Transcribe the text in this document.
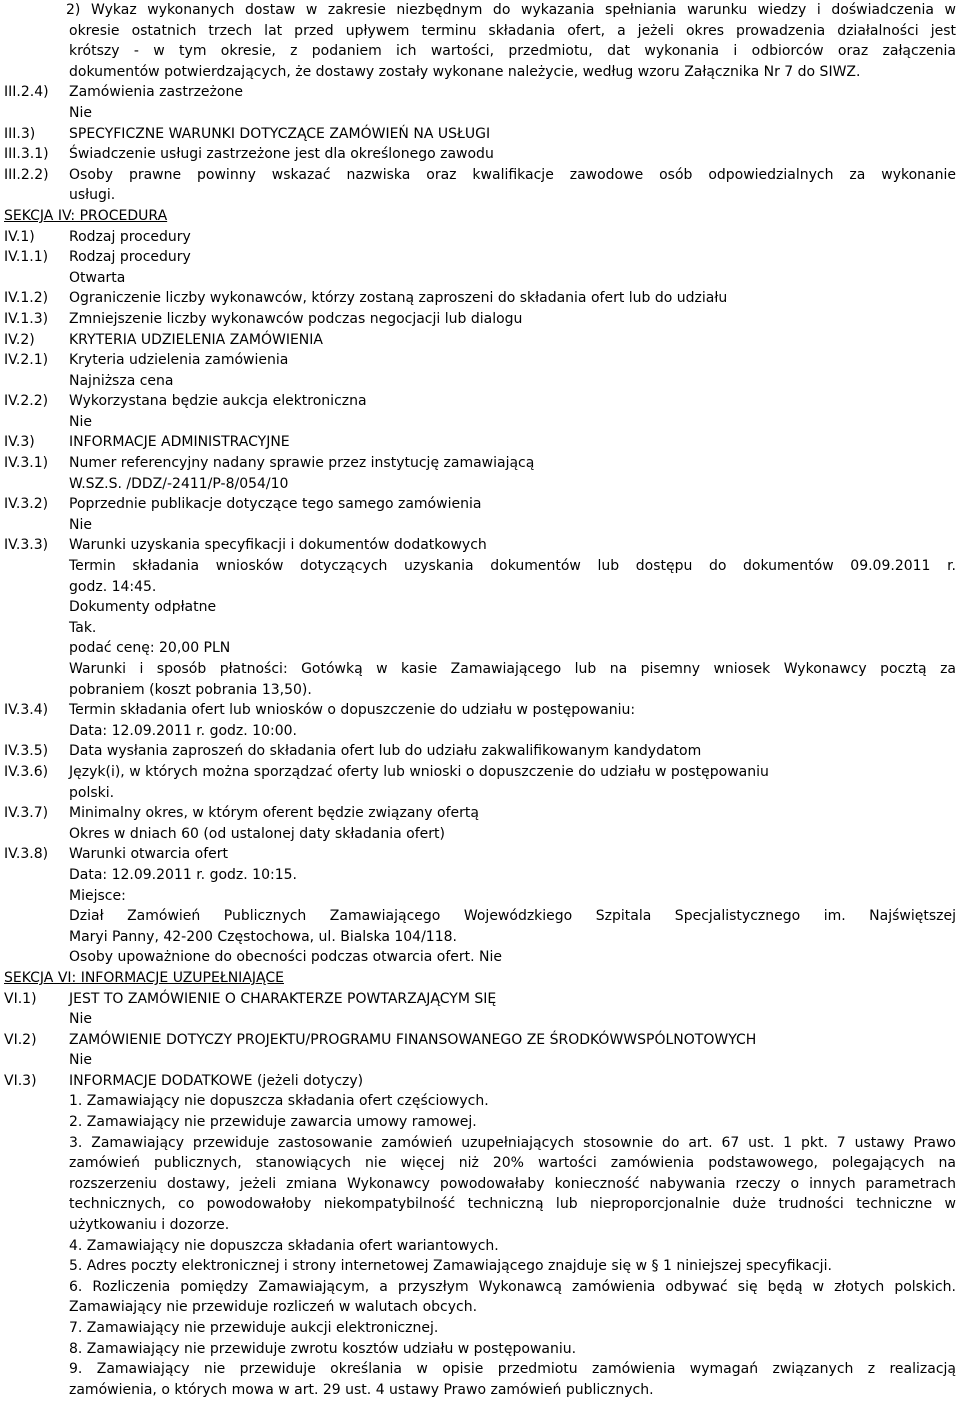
2) Wykaz wykonanych dostaw w zakresie niezbędnym do wykazania spełniania warunku wiedzy i doświadczenia w
okresie ostatnich trzech lat przed upływem terminu składania ofert, a jeżeli okres prowadzenia działalności jest
krótszy - w tym okresie, z podaniem ich wartości, przedmiotu, dat wykonania i odbiorców oraz załączenia
dokumentów potwierdzających, że dostawy zostały wykonane należycie, według wzoru Załącznika Nr 7 do SIWZ.
III.2.4)	Zamówienia zastrzeżone
Nie
III.3)	SPECYFICZNE WARUNKI DOTYCZĄCE ZAMÓWIEŃ NA USŁUGI
III.3.1)	Świadczenie usługi zastrzeżone jest dla określonego zawodu
III.2.2)	Osoby prawne powinny wskazać nazwiska oraz kwalifikacje zawodowe osób odpowiedzialnych za wykonanie
usługi.
SEKCJA IV: PROCEDURA
IV.1)	Rodzaj procedury
IV.1.1)	Rodzaj procedury
Otwarta
IV.1.2)	Ograniczenie liczby wykonawców, którzy zostaną zaproszeni do składania ofert lub do udziału
IV.1.3)	Zmniejszenie liczby wykonawców podczas negocjacji lub dialogu
IV.2)	KRYTERIA UDZIELENIA ZAMÓWIENIA
IV.2.1)	Kryteria udzielenia zamówienia
Najniższa cena
IV.2.2)	Wykorzystana będzie aukcja elektroniczna
Nie
IV.3)	INFORMACJE ADMINISTRACYJNE
IV.3.1)	Numer referencyjny nadany sprawie przez instytucję zamawiającą
W.SZ.S. /DDZ/-2411/P-8/054/10
IV.3.2)	Poprzednie publikacje dotyczące tego samego zamówienia
Nie
IV.3.3)	Warunki uzyskania specyfikacji i dokumentów dodatkowych
Termin składania wniosków dotyczących uzyskania dokumentów lub dostępu do dokumentów 09.09.2011 r.
godz. 14:45.
Dokumenty odpłatne
Tak.
podać cenę: 20,00 PLN
Warunki i sposób płatności: Gotówką w kasie Zamawiającego lub na pisemny wniosek Wykonawcy pocztą za
pobraniem (koszt pobrania 13,50).
IV.3.4)	Termin składania ofert lub wniosków o dopuszczenie do udziału w postępowaniu:
Data: 12.09.2011 r. godz. 10:00.
IV.3.5)	Data wysłania zaproszeń do składania ofert lub do udziału zakwalifikowanym kandydatom
IV.3.6)	Język(i), w których można sporządzać oferty lub wnioski o dopuszczenie do udziału w postępowaniu
polski.
IV.3.7)	Minimalny okres, w którym oferent będzie związany ofertą
Okres w dniach 60 (od ustalonej daty składania ofert)
IV.3.8)	Warunki otwarcia ofert
Data: 12.09.2011 r. godz. 10:15.
Miejsce:
Dział Zamówień Publicznych Zamawiającego Wojewódzkiego Szpitala Specjalistycznego im. Najświętszej
Maryi Panny, 42-200 Częstochowa, ul. Bialska 104/118.
Osoby upoważnione do obecności podczas otwarcia ofert. Nie
SEKCJA VI: INFORMACJE UZUPEŁNIAJĄCE
VI.1)	JEST TO ZAMÓWIENIE O CHARAKTERZE POWTARZAJĄCYM SIĘ
Nie
VI.2)	ZAMÓWIENIE DOTYCZY PROJEKTU/PROGRAMU FINANSOWANEGO ZE ŚRODKÓWWSPÓLNOTOWYCH
Nie
VI.3)	INFORMACJE DODATKOWE (jeżeli dotyczy)
1. Zamawiający nie dopuszcza składania ofert częściowych.
2. Zamawiający nie przewiduje zawarcia umowy ramowej.
3. Zamawiający przewiduje zastosowanie zamówień uzupełniających stosownie do art. 67 ust. 1 pkt. 7 ustawy Prawo
zamówień publicznych, stanowiących nie więcej niż 20% wartości zamówienia podstawowego, polegających na
rozszerzeniu dostawy, jeżeli zmiana Wykonawcy powodowałaby konieczność nabywania rzeczy o innych parametrach
technicznych, co powodowałoby niekompatybilność techniczną lub nieproporcjonalnie duże trudności techniczne w
użytkowaniu i dozorze.
4. Zamawiający nie dopuszcza składania ofert wariantowych.
5. Adres poczty elektronicznej i strony internetowej Zamawiającego znajduje się w § 1 niniejszej specyfikacji.
6. Rozliczenia pomiędzy Zamawiającym, a przyszłym Wykonawcą zamówienia odbywać się będą w złotych polskich.
Zamawiający nie przewiduje rozliczeń w walutach obcych.
7. Zamawiający nie przewiduje aukcji elektronicznej.
8. Zamawiający nie przewiduje zwrotu kosztów udziału w postępowaniu.
9. Zamawiający nie przewiduje określania w opisie przedmiotu zamówienia wymagań związanych z realizacją
zamówienia, o których mowa w art. 29 ust. 4 ustawy Prawo zamówień publicznych.
